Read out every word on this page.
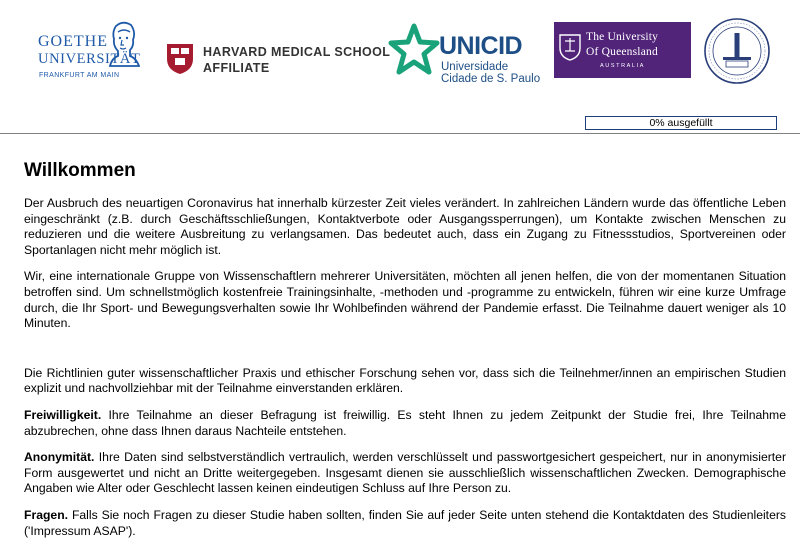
GOETHE
UNIVERSITÄT
FRANKFURT AM MAIN
HARVARD MEDICAL SCHOOL
AFFILIATE
UNICID
Universidade
Cidade de S. Paulo
The University
Of Queensland
AUSTRALIA
0% ausgefüllt
Willkommen

Der Ausbruch des neuartigen Coronavirus hat innerhalb kürzester Zeit vieles verändert. In zahlreichen Ländern wurde das öffentliche Leben eingeschränkt (z.B. durch Geschäftsschließungen, Kontaktverbote oder Ausgangssperrungen), um Kontakte zwischen Menschen zu reduzieren und die weitere Ausbreitung zu verlangsamen. Das bedeutet auch, dass ein Zugang zu Fitnessstudios, Sportvereinen oder Sportanlagen nicht mehr möglich ist.

Wir, eine internationale Gruppe von Wissenschaftlern mehrerer Universitäten, möchten all jenen helfen, die von der momentanen Situation betroffen sind. Um schnellstmöglich kostenfreie Trainingsinhalte, -methoden und -programme zu entwickeln, führen wir eine kurze Umfrage durch, die Ihr Sport- und Bewegungsverhalten sowie Ihr Wohlbefinden während der Pandemie erfasst. Die Teilnahme dauert weniger als 10 Minuten.

Die Richtlinien guter wissenschaftlicher Praxis und ethischer Forschung sehen vor, dass sich die Teilnehmer/innen an empirischen Studien explizit und nachvollziehbar mit der Teilnahme einverstanden erklären.

Freiwilligkeit. Ihre Teilnahme an dieser Befragung ist freiwillig. Es steht Ihnen zu jedem Zeitpunkt der Studie frei, Ihre Teilnahme abzubrechen, ohne dass Ihnen daraus Nachteile entstehen.

Anonymität. Ihre Daten sind selbstverständlich vertraulich, werden verschlüsselt und passwortgesichert gespeichert, nur in anonymisierter Form ausgewertet und nicht an Dritte weitergegeben. Insgesamt dienen sie ausschließlich wissenschaftlichen Zwecken. Demographische Angaben wie Alter oder Geschlecht lassen keinen eindeutigen Schluss auf Ihre Person zu.

Fragen. Falls Sie noch Fragen zu dieser Studie haben sollten, finden Sie auf jeder Seite unten stehend die Kontaktdaten des Studienleiters ('Impressum ASAP').
